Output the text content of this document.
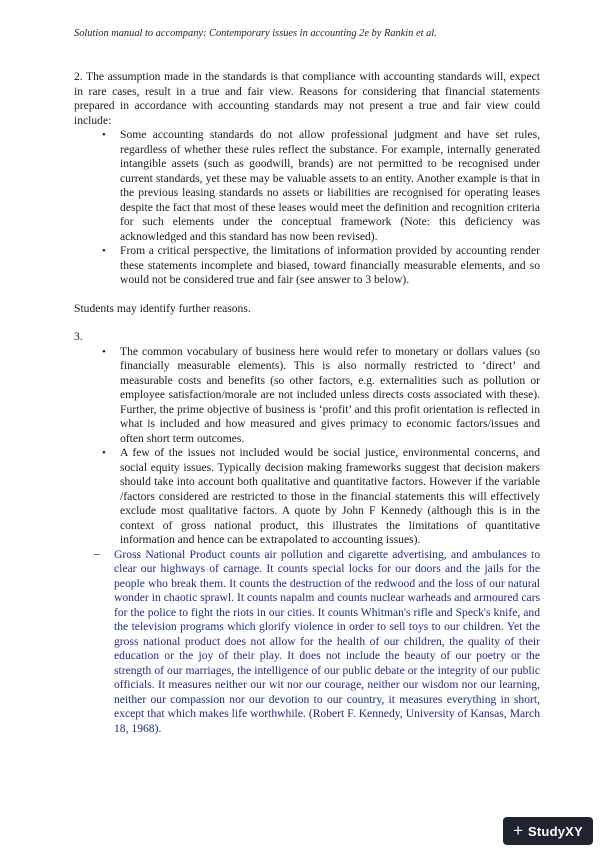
Solution manual to accompany: Contemporary issues in accounting 2e by Rankin et al.

2. The assumption made in the standards is that compliance with accounting standards will, expect in rare cases, result in a true and fair view. Reasons for considering that financial statements prepared in accordance with accounting standards may not present a true and fair view could include:

• Some accounting standards do not allow professional judgment and have set rules, regardless of whether these rules reflect the substance. For example, internally generated intangible assets (such as goodwill, brands) are not permitted to be recognised under current standards, yet these may be valuable assets to an entity. Another example is that in the previous leasing standards no assets or liabilities are recognised for operating leases despite the fact that most of these leases would meet the definition and recognition criteria for such elements under the conceptual framework (Note: this deficiency was acknowledged and this standard has now been revised).
• From a critical perspective, the limitations of information provided by accounting render these statements incomplete and biased, toward financially measurable elements, and so would not be considered true and fair (see answer to 3 below).

Students may identify further reasons.

3.

• The common vocabulary of business here would refer to monetary or dollars values (so financially measurable elements). This is also normally restricted to ‘direct’ and measurable costs and benefits (so other factors, e.g. externalities such as pollution or employee satisfaction/morale are not included unless directs costs associated with these). Further, the prime objective of business is ‘profit’ and this profit orientation is reflected in what is included and how measured and gives primacy to economic factors/issues and often short term outcomes.
• A few of the issues not included would be social justice, environmental concerns, and social equity issues. Typically decision making frameworks suggest that decision makers should take into account both qualitative and quantitative factors. However if the variable /factors considered are restricted to those in the financial statements this will effectively exclude most qualitative factors. A quote by John F Kennedy (although this is in the context of gross national product, this illustrates the limitations of quantitative information and hence can be extrapolated to accounting issues).
– Gross National Product counts air pollution and cigarette advertising, and ambulances to clear our highways of carnage. It counts special locks for our doors and the jails for the people who break them. It counts the destruction of the redwood and the loss of our natural wonder in chaotic sprawl. It counts napalm and counts nuclear warheads and armoured cars for the police to fight the riots in our cities. It counts Whitman's rifle and Speck's knife, and the television programs which glorify violence in order to sell toys to our children. Yet the gross national product does not allow for the health of our children, the quality of their education or the joy of their play. It does not include the beauty of our poetry or the strength of our marriages, the intelligence of our public debate or the integrity of our public officials. It measures neither our wit nor our courage, neither our wisdom nor our learning, neither our compassion nor our devotion to our country, it measures everything in short, except that which makes life worthwhile. (Robert F. Kennedy, University of Kansas, March 18, 1968).
+ StudyXY
